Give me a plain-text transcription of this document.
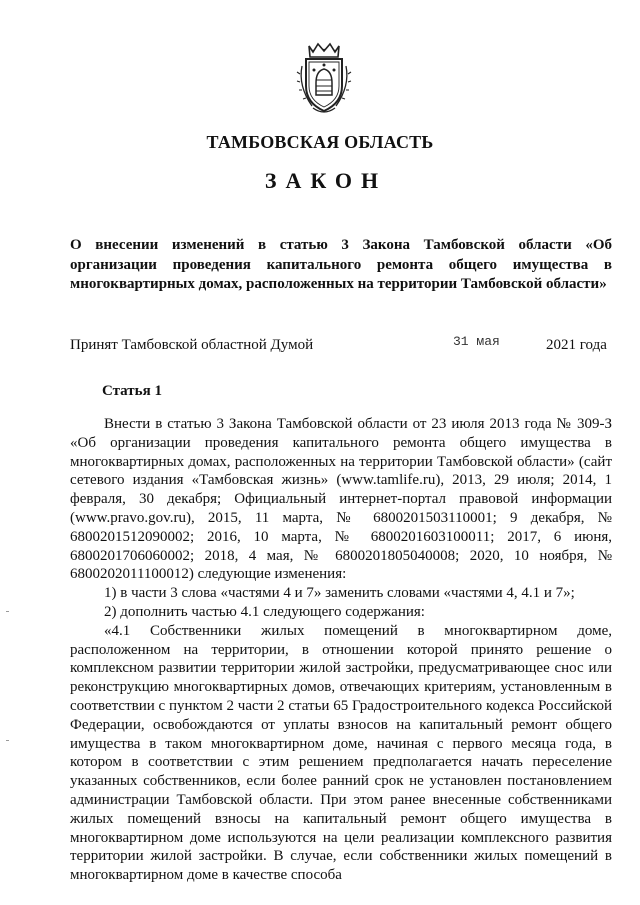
ТАМБОВСКАЯ ОБЛАСТЬ
ЗАКОН
О внесении изменений в статью 3 Закона Тамбовской области «Об организации проведения капитального ремонта общего имущества в многоквартирных домах, расположенных на территории Тамбовской области»
Принят Тамбовской областной Думой	31 мая	2021 года
Статья 1

Внести в статью 3 Закона Тамбовской области от 23 июля 2013 года № 309-З «Об организации проведения капитального ремонта общего имущества в многоквартирных домах, расположенных на территории Тамбовской области» (сайт сетевого издания «Тамбовская жизнь» (www.tamlife.ru), 2013, 29 июля; 2014, 1 февраля, 30 декабря; Официальный интернет-портал правовой информации (www.pravo.gov.ru), 2015, 11 марта, № 6800201503110001; 9 декабря, № 6800201512090002; 2016, 10 марта, № 6800201603100011; 2017, 6 июня, 6800201706060002; 2018, 4 мая, № 6800201805040008; 2020, 10 ноября, № 6800202011100012) следующие изменения:

1) в части 3 слова «частями 4 и 7» заменить словами «частями 4, 4.1 и 7»;

2) дополнить частью 4.1 следующего содержания:

«4.1 Собственники жилых помещений в многоквартирном доме, расположенном на территории, в отношении которой принято решение о комплексном развитии территории жилой застройки, предусматривающее снос или реконструкцию многоквартирных домов, отвечающих критериям, установленным в соответствии с пунктом 2 части 2 статьи 65 Градостроительного кодекса Российской Федерации, освобождаются от уплаты взносов на капитальный ремонт общего имущества в таком многоквартирном доме, начиная с первого месяца года, в котором в соответствии с этим решением предполагается начать переселение указанных собственников, если более ранний срок не установлен постановлением администрации Тамбовской области. При этом ранее внесенные собственниками жилых помещений взносы на капитальный ремонт общего имущества в многоквартирном доме используются на цели реализации комплексного развития территории жилой застройки. В случае, если собственники жилых помещений в многоквартирном доме в качестве способа
